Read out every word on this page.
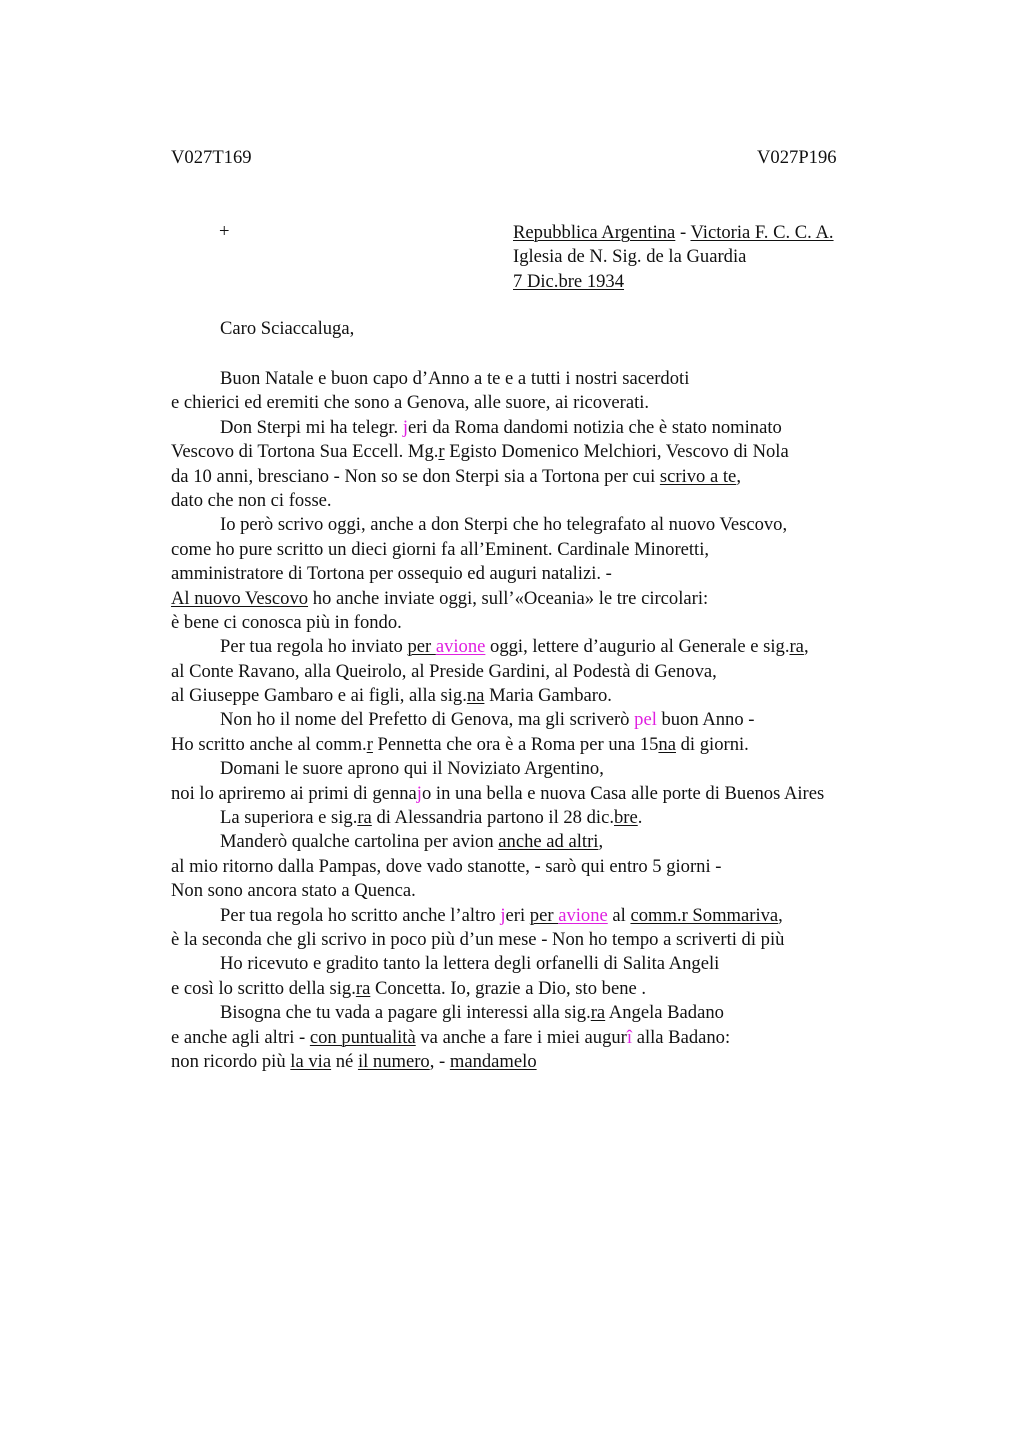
V027T169	V027P196
+	Repubblica Argentina - Victoria F. C. C. A.
Iglesia de N. Sig. de la Guardia
7 Dic.bre 1934
Caro Sciaccaluga,
Buon Natale e buon capo d’Anno a te e a tutti i nostri sacerdoti
e chierici ed eremiti che sono a Genova, alle suore, ai ricoverati.
Don Sterpi mi ha telegr. jeri da Roma dandomi notizia che è stato nominato
Vescovo di Tortona Sua Eccell. Mg.r Egisto Domenico Melchiori, Vescovo di Nola
da 10 anni, bresciano - Non so se don Sterpi sia a Tortona per cui scrivo a te,
dato che non ci fosse.
Io però scrivo oggi, anche a don Sterpi che ho telegrafato al nuovo Vescovo,
come ho pure scritto un dieci giorni fa all’Eminent. Cardinale Minoretti,
amministratore di Tortona per ossequio ed auguri natalizi. -
Al nuovo Vescovo ho anche inviate oggi, sull’«Oceania» le tre circolari:
è bene ci conosca più in fondo.
Per tua regola ho inviato per avione oggi, lettere d’augurio al Generale e sig.ra,
al Conte Ravano, alla Queirolo, al Preside Gardini, al Podestà di Genova,
al Giuseppe Gambaro e ai figli, alla sig.na Maria Gambaro.
Non ho il nome del Prefetto di Genova, ma gli scriverò pel buon Anno -
Ho scritto anche al comm.r Pennetta che ora è a Roma per una 15na di giorni.
Domani le suore aprono qui il Noviziato Argentino,
noi lo apriremo ai primi di gennajo in una bella e nuova Casa alle porte di Buenos Aires
La superiora e sig.ra di Alessandria partono il 28 dic.bre.
Manderò qualche cartolina per avion anche ad altri,
al mio ritorno dalla Pampas, dove vado stanotte, - sarò qui entro 5 giorni -
Non sono ancora stato a Quenca.
Per tua regola ho scritto anche l’altro jeri per avione al comm.r Sommariva,
è la seconda che gli scrivo in poco più d’un mese - Non ho tempo a scriverti di più
Ho ricevuto e gradito tanto la lettera degli orfanelli di Salita Angeli
e così lo scritto della sig.ra Concetta. Io, grazie a Dio, sto bene .
Bisogna che tu vada a pagare gli interessi alla sig.ra Angela Badano
e anche agli altri - con puntualità va anche a fare i miei augurî alla Badano:
non ricordo più la via né il numero, - mandamelo
